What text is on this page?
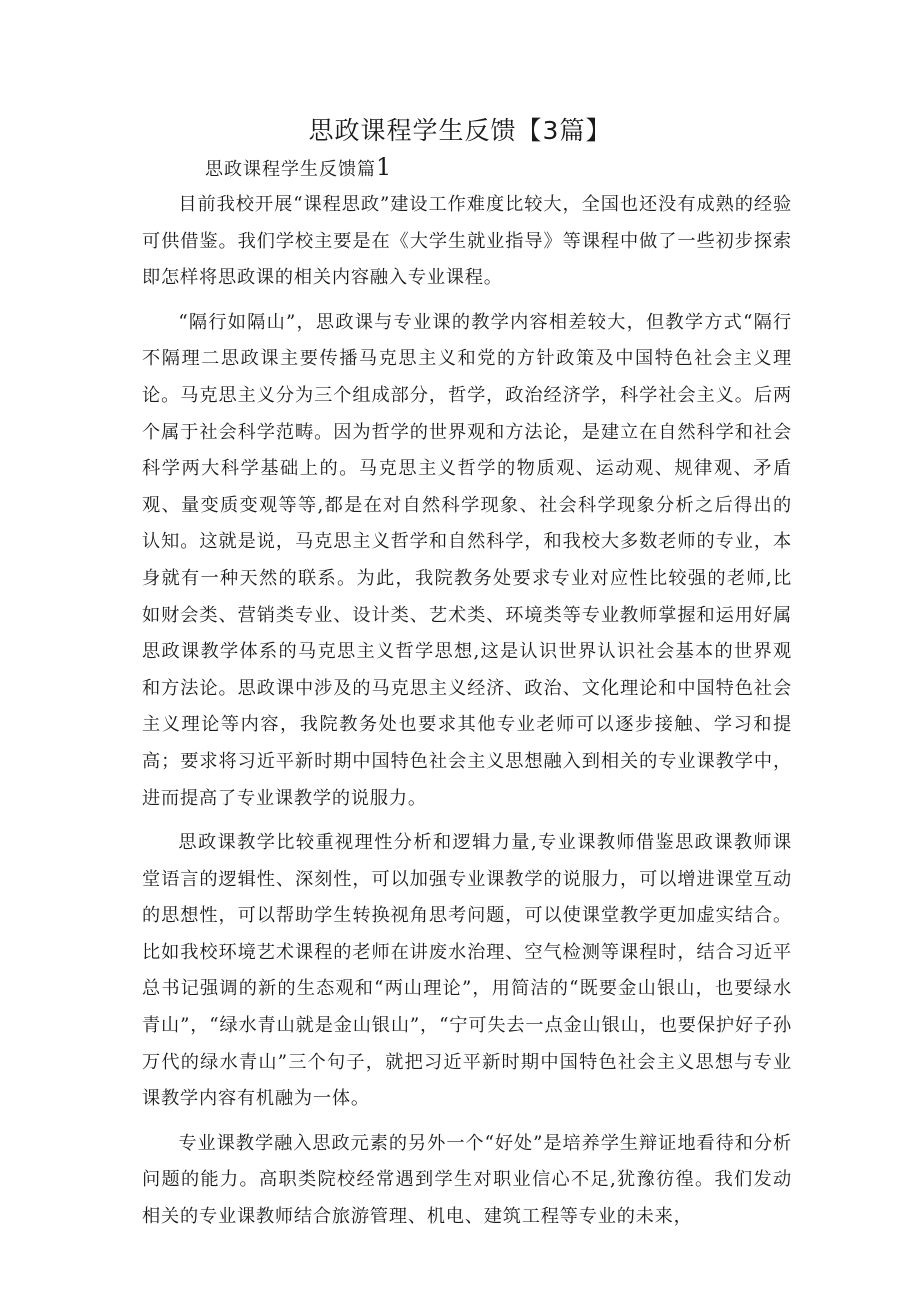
思政课程学生反馈【3篇】

思政课程学生反馈篇1

目前我校开展“课程思政”建设工作难度比较大，全国也还没有成熟的经验可供借鉴。我们学校主要是在《大学生就业指导》等课程中做了一些初步探索即怎样将思政课的相关内容融入专业课程。

“隔行如隔山”，思政课与专业课的教学内容相差较大，但教学方式“隔行不隔理二思政课主要传播马克思主义和党的方针政策及中国特色社会主义理论。马克思主义分为三个组成部分，哲学，政治经济学，科学社会主义。后两个属于社会科学范畴。因为哲学的世界观和方法论，是建立在自然科学和社会科学两大科学基础上的。马克思主义哲学的物质观、运动观、规律观、矛盾观、量变质变观等等,都是在对自然科学现象、社会科学现象分析之后得出的认知。这就是说，马克思主义哲学和自然科学，和我校大多数老师的专业，本身就有一种天然的联系。为此，我院教务处要求专业对应性比较强的老师,比如财会类、营销类专业、设计类、艺术类、环境类等专业教师掌握和运用好属思政课教学体系的马克思主义哲学思想,这是认识世界认识社会基本的世界观和方法论。思政课中涉及的马克思主义经济、政治、文化理论和中国特色社会主义理论等内容，我院教务处也要求其他专业老师可以逐步接触、学习和提高；要求将习近平新时期中国特色社会主义思想融入到相关的专业课教学中，进而提高了专业课教学的说服力。

思政课教学比较重视理性分析和逻辑力量,专业课教师借鉴思政课教师课堂语言的逻辑性、深刻性，可以加强专业课教学的说服力，可以增进课堂互动的思想性，可以帮助学生转换视角思考问题，可以使课堂教学更加虚实结合。比如我校环境艺术课程的老师在讲废水治理、空气检测等课程时，结合习近平总书记强调的新的生态观和“两山理论”，用简洁的“既要金山银山，也要绿水青山”，“绿水青山就是金山银山”，“宁可失去一点金山银山，也要保护好子孙万代的绿水青山”三个句子，就把习近平新时期中国特色社会主义思想与专业课教学内容有机融为一体。

专业课教学融入思政元素的另外一个“好处”是培养学生辩证地看待和分析问题的能力。高职类院校经常遇到学生对职业信心不足,犹豫彷徨。我们发动相关的专业课教师结合旅游管理、机电、建筑工程等专业的未来，
